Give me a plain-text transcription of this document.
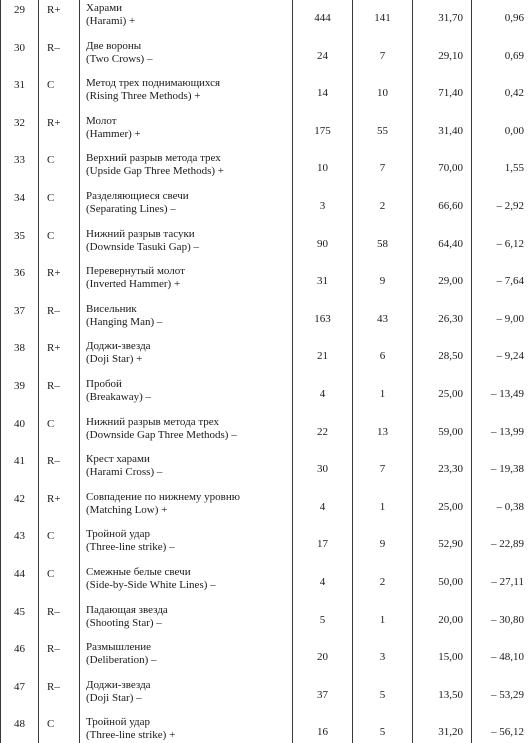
29	R+	Харами
(Harami) +	444	141	31,70	0,96
30	R–	Две вороны
(Two Crows) –	24	7	29,10	0,69
31	C	Метод трех поднимающихся
(Rising Three Methods) +	14	10	71,40	0,42
32	R+	Молот
(Hammer) +	175	55	31,40	0,00
33	C	Верхний разрыв метода трех
(Upside Gap Three Methods) +	10	7	70,00	1,55
34	C	Разделяющиеся свечи
(Separating Lines) –	3	2	66,60	– 2,92
35	C	Нижний разрыв тасуки
(Downside Tasuki Gap) –	90	58	64,40	– 6,12
36	R+	Перевернутый молот
(Inverted Hammer) +	31	9	29,00	– 7,64
37	R–	Висельник
(Hanging Man) –	163	43	26,30	– 9,00
38	R+	Доджи-звезда
(Doji Star) +	21	6	28,50	– 9,24
39	R–	Пробой
(Breakaway) –	4	1	25,00	– 13,49
40	C	Нижний разрыв метода трех
(Downside Gap Three Methods) –	22	13	59,00	– 13,99
41	R–	Крест харами
(Harami Cross) –	30	7	23,30	– 19,38
42	R+	Совпадение по нижнему уровню
(Matching Low) +	4	1	25,00	– 0,38
43	C	Тройной удар
(Three-line strike) –	17	9	52,90	– 22,89
44	C	Смежные белые свечи
(Side-by-Side White Lines) –	4	2	50,00	– 27,11
45	R–	Падающая звезда
(Shooting Star) –	5	1	20,00	– 30,80
46	R–	Размышление
(Deliberation) –	20	3	15,00	– 48,10
47	R–	Доджи-звезда
(Doji Star) –	37	5	13,50	– 53,29
48	C	Тройной удар
(Three-line strike) +	16	5	31,20	– 56,12
